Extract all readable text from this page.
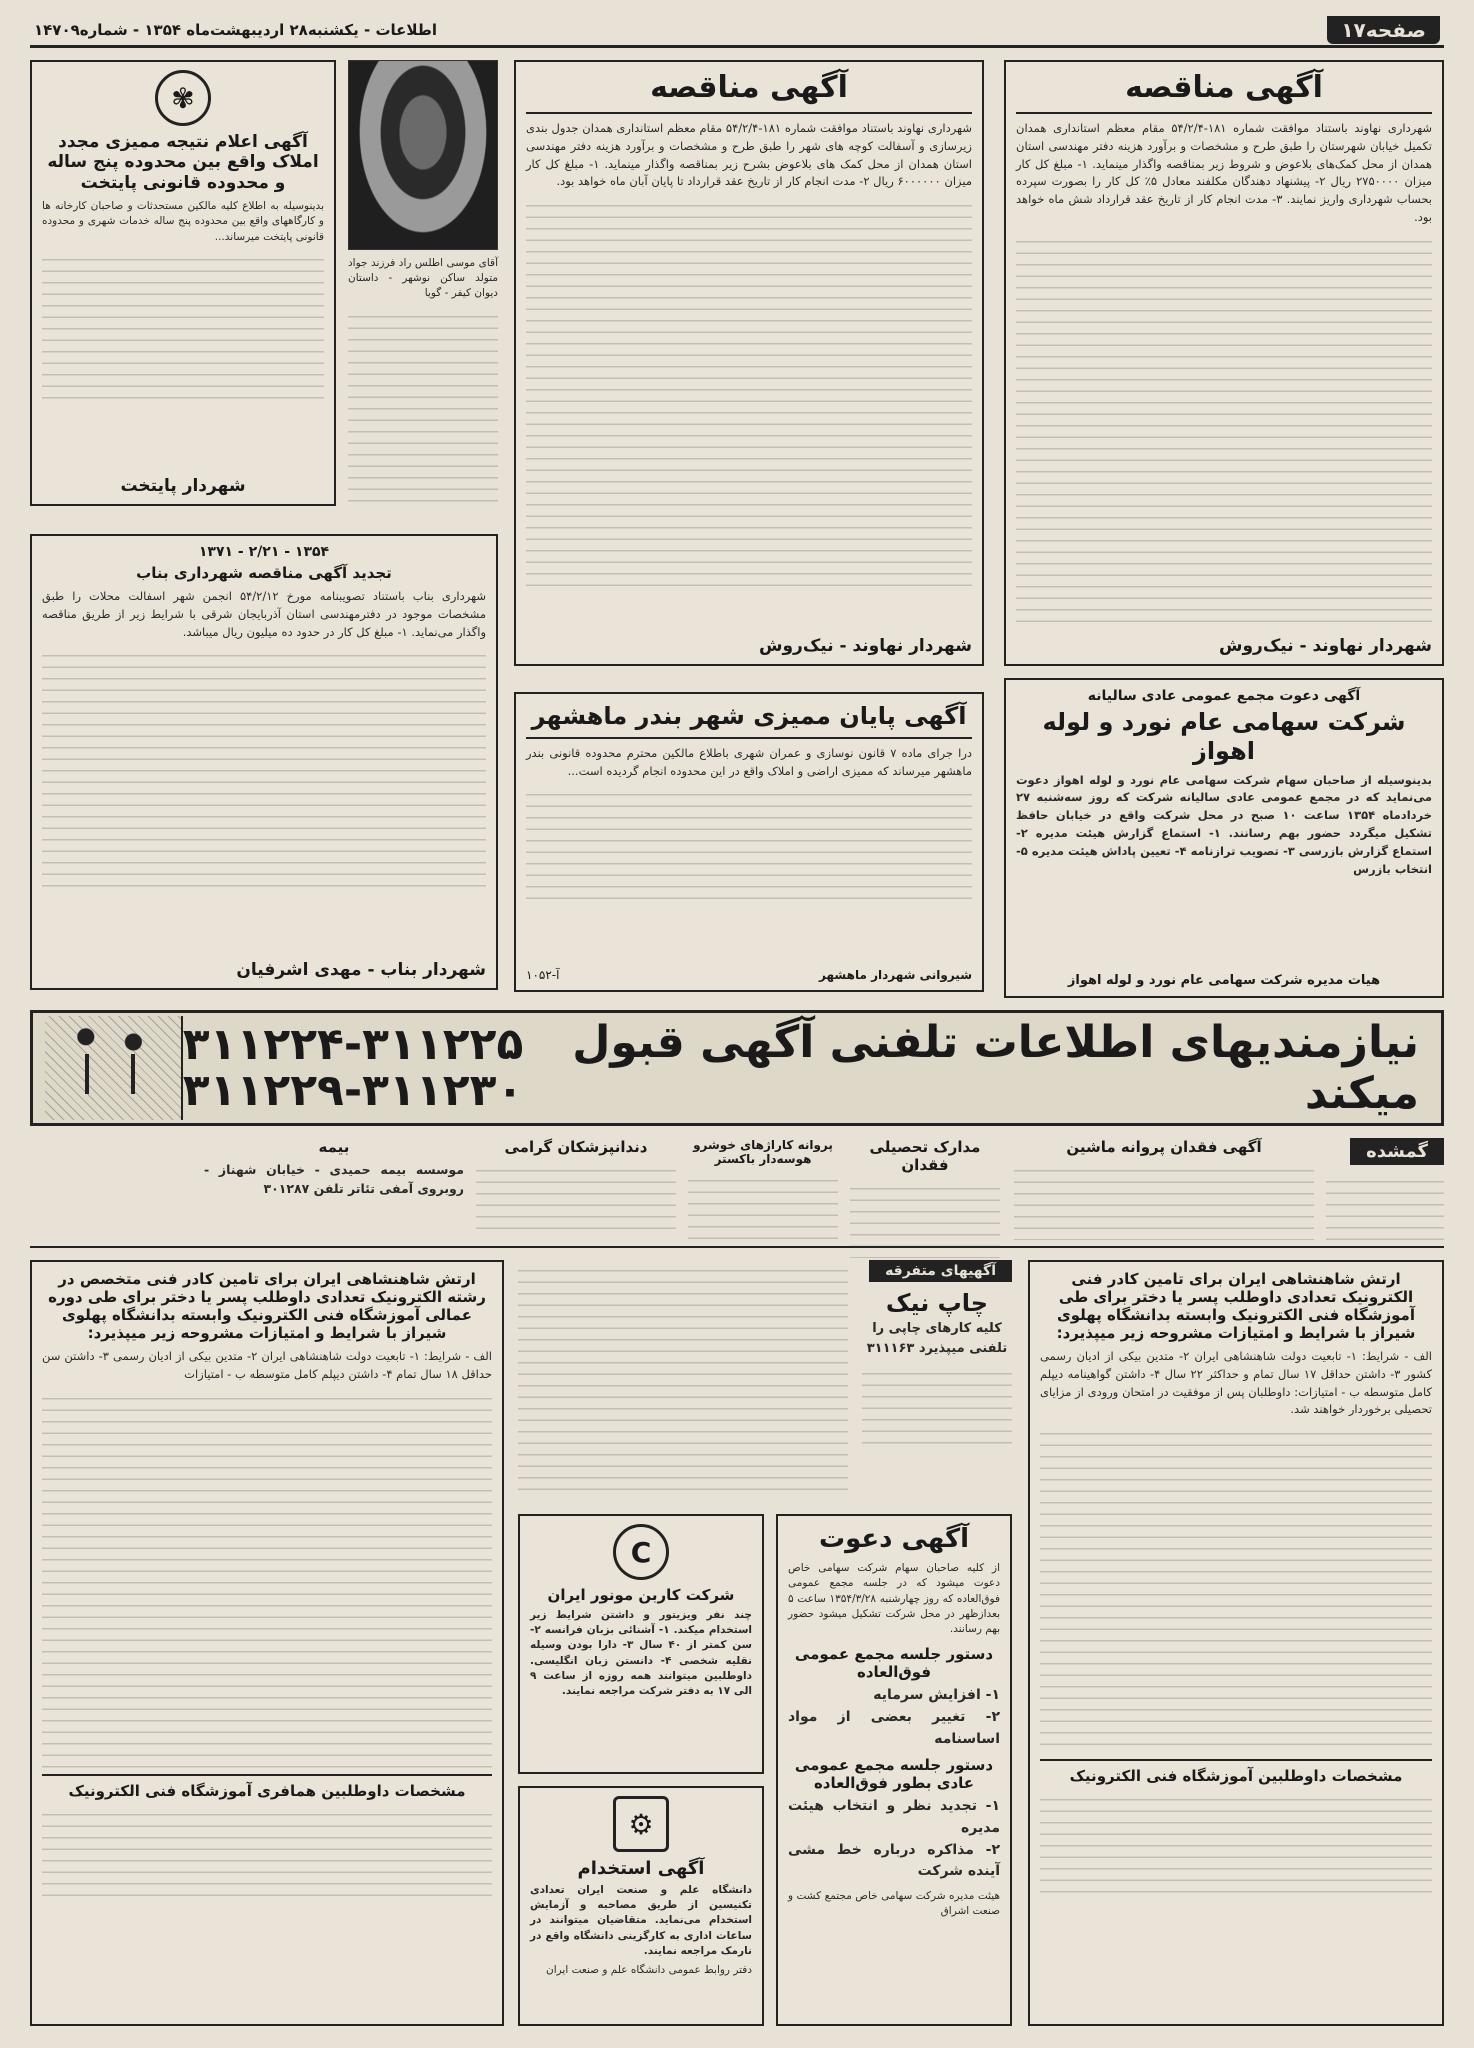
صفحه۱۷
اطلاعات - یکشنبه۲۸ اردیبهشت‌ماه ۱۳۵۴ - شماره۱۴۷۰۹
آگهی مناقصه
شهرداری نهاوند باستناد موافقت شماره ۱۸۱-۵۴/۲/۴ مقام معظم استانداری همدان تکمیل خیابان شهرستان را طبق طرح و مشخصات و برآورد هزینه دفتر مهندسی استان همدان از محل کمک‌های بلاعوض و شروط زیر بمناقصه واگذار مینماید. ۱- مبلغ کل کار میزان ۲۷۵۰۰۰۰ ریال ۲- پیشنهاد دهندگان مکلفند معادل ۵٪ کل کار را بصورت سپرده بحساب شهرداری واریز نمایند. ۳- مدت انجام کار از تاریخ عقد قرارداد شش ماه خواهد بود.
شهردار نهاوند - نیک‌روش
آگهی مناقصه
شهرداری نهاوند باستناد موافقت شماره ۱۸۱-۵۴/۲/۴ مقام معظم استانداری همدان جدول بندی زیرسازی و آسفالت کوچه های شهر را طبق طرح و مشخصات و برآورد هزینه دفتر مهندسی استان همدان از محل کمک های بلاعوض بشرح زیر بمناقصه واگذار مینماید. ۱- مبلغ کل کار میزان ۶۰۰۰۰۰۰ ریال ۲- مدت انجام کار از تاریخ عقد قرارداد تا پایان آبان ماه خواهد بود.
شهردار نهاوند - نیک‌روش
آقای موسی اطلس راد فرزند جواد متولد ساکن نوشهر - داستان دیوان کیفر - گویا
✾
آگهی اعلام نتیجه ممیزی مجدد املاک واقع بین محدوده پنج ساله و محدوده قانونی پایتخت
بدینوسیله به اطلاع کلیه مالکین مستحدثات و صاحبان کارخانه ها و کارگاههای واقع بین محدوده پنج ساله خدمات شهری و محدوده قانونی پایتخت میرساند...
شهردار پایتخت
آگهی دعوت مجمع عمومی عادی سالیانه
شرکت سهامی عام نورد و لوله اهواز
بدینوسیله از صاحبان سهام شرکت سهامی عام نورد و لوله اهواز دعوت می‌نماید که در مجمع عمومی عادی سالیانه شرکت که روز سه‌شنبه ۲۷ خردادماه ۱۳۵۴ ساعت ۱۰ صبح در محل شرکت واقع در خیابان حافظ تشکیل میگردد حضور بهم رسانند. ۱- استماع گزارش هیئت مدیره ۲- استماع گزارش بازرسی ۳- تصویب ترازنامه ۴- تعیین پاداش هیئت مدیره ۵- انتخاب بازرس
هیات مدیره شرکت سهامی عام نورد و لوله اهواز
آگهی پایان ممیزی شهر بندر ماهشهر
درا جرای ماده ۷ قانون نوسازی و عمران شهری باطلاع مالکین محترم محدوده قانونی بندر ماهشهر میرساند که ممیزی اراضی و املاک واقع در این محدوده انجام گردیده است...
شیروانی شهردار ماهشهر
آ-۱۰۵۲
۱۳۷۱ - ۲/۲۱ - ۱۳۵۴
تجدید آگهی مناقصه شهرداری بناب
شهرداری بناب باستناد تصویبنامه مورخ ۵۴/۲/۱۲ انجمن شهر اسفالت محلات را طبق مشخصات موجود در دفترمهندسی استان آذربایجان شرقی با شرایط زیر از طریق مناقصه واگذار می‌نماید. ۱- مبلغ کل کار در حدود ده میلیون ریال میباشد.
شهردار بناب - مهدی اشرفیان
نیازمندیهای اطلاعات تلفنی آگهی قبول میکند
۳۱۱۲۲۴-۳۱۱۲۲۵
۳۱۱۲۲۹-۳۱۱۲۳۰
گمشده
آگهی فقدان پروانه ماشین
مدارک تحصیلی فقدان
پروانه کاراژهای خوشرو هوسه‌دار باکستر
دندانپزشکان گرامی
بیمه
موسسه بیمه حمیدی - خیابان شهناز - روبروی آمفی تئاتر تلفن ۳۰۱۲۸۷
ارتش شاهنشاهی ایران برای تامین کادر فنی الکترونیک تعدادی داوطلب پسر یا دختر برای طی آموزشگاه فنی الکترونیک وابسته بدانشگاه پهلوی شیراز با شرایط و امتیازات مشروحه زیر میپذیرد:
الف - شرایط: ۱- تابعیت دولت شاهنشاهی ایران ۲- متدین بیکی از ادیان رسمی کشور ۳- داشتن حداقل ۱۷ سال تمام و حداکثر ۲۲ سال ۴- داشتن گواهینامه دیپلم کامل متوسطه ب - امتیازات: داوطلبان پس از موفقیت در امتحان ورودی از مزایای تحصیلی برخوردار خواهند شد.
مشخصات داوطلبین آموزشگاه فنی الکترونیک
آگهیهای متفرقه
چاپ نیک
کلیه کارهای چاپی را تلفنی میپذیرد ۳۱۱۱۶۳
آگهی دعوت
از کلیه صاحبان سهام شرکت سهامی خاص دعوت میشود که در جلسه مجمع عمومی فوق‌العاده که روز چهارشنبه ۱۳۵۴/۳/۲۸ ساعت ۵ بعدازظهر در محل شرکت تشکیل میشود حضور بهم رسانند.
دستور جلسه مجمع عمومی فوق‌العاده
۱- افزایش سرمایه
۲- تغییر بعضی از مواد اساسنامه
دستور جلسه مجمع عمومی عادی بطور فوق‌العاده
۱- تجدید نظر و انتخاب هیئت مدیره
۲- مذاکره درباره خط مشی آینده شرکت
هیئت مدیره شرکت سهامی خاص مجتمع کشت و صنعت اشراق
C
شرکت کاربن مونور ایران
چند نفر ویزیتور و داشتن شرایط زیر استخدام میکند. ۱- آشنائی بزبان فرانسه ۲- سن کمتر از ۴۰ سال ۳- دارا بودن وسیله نقلیه شخصی ۴- دانستن زبان انگلیسی. داوطلبین میتوانند همه روزه از ساعت ۹ الی ۱۷ به دفتر شرکت مراجعه نمایند.
⚙
آگهی استخدام
دانشگاه علم و صنعت ایران تعدادی تکنیسین از طریق مصاحبه و آزمایش استخدام می‌نماید. متقاضیان میتوانند در ساعات اداری به کارگزینی دانشگاه واقع در نارمک مراجعه نمایند.
دفتر روابط عمومی دانشگاه علم و صنعت ایران
ارتش شاهنشاهی ایران برای تامین کادر فنی متخصص در رشته الکترونیک تعدادی داوطلب پسر یا دختر برای طی دوره عمالی آموزشگاه فنی الکترونیک وابسته بدانشگاه پهلوی شیراز با شرایط و امتیازات مشروحه زیر میپذیرد:
الف - شرایط: ۱- تابعیت دولت شاهنشاهی ایران ۲- متدین بیکی از ادیان رسمی ۳- داشتن سن حداقل ۱۸ سال تمام ۴- داشتن دیپلم کامل متوسطه ب - امتیازات
مشخصات داوطلبین همافری آموزشگاه فنی الکترونیک
